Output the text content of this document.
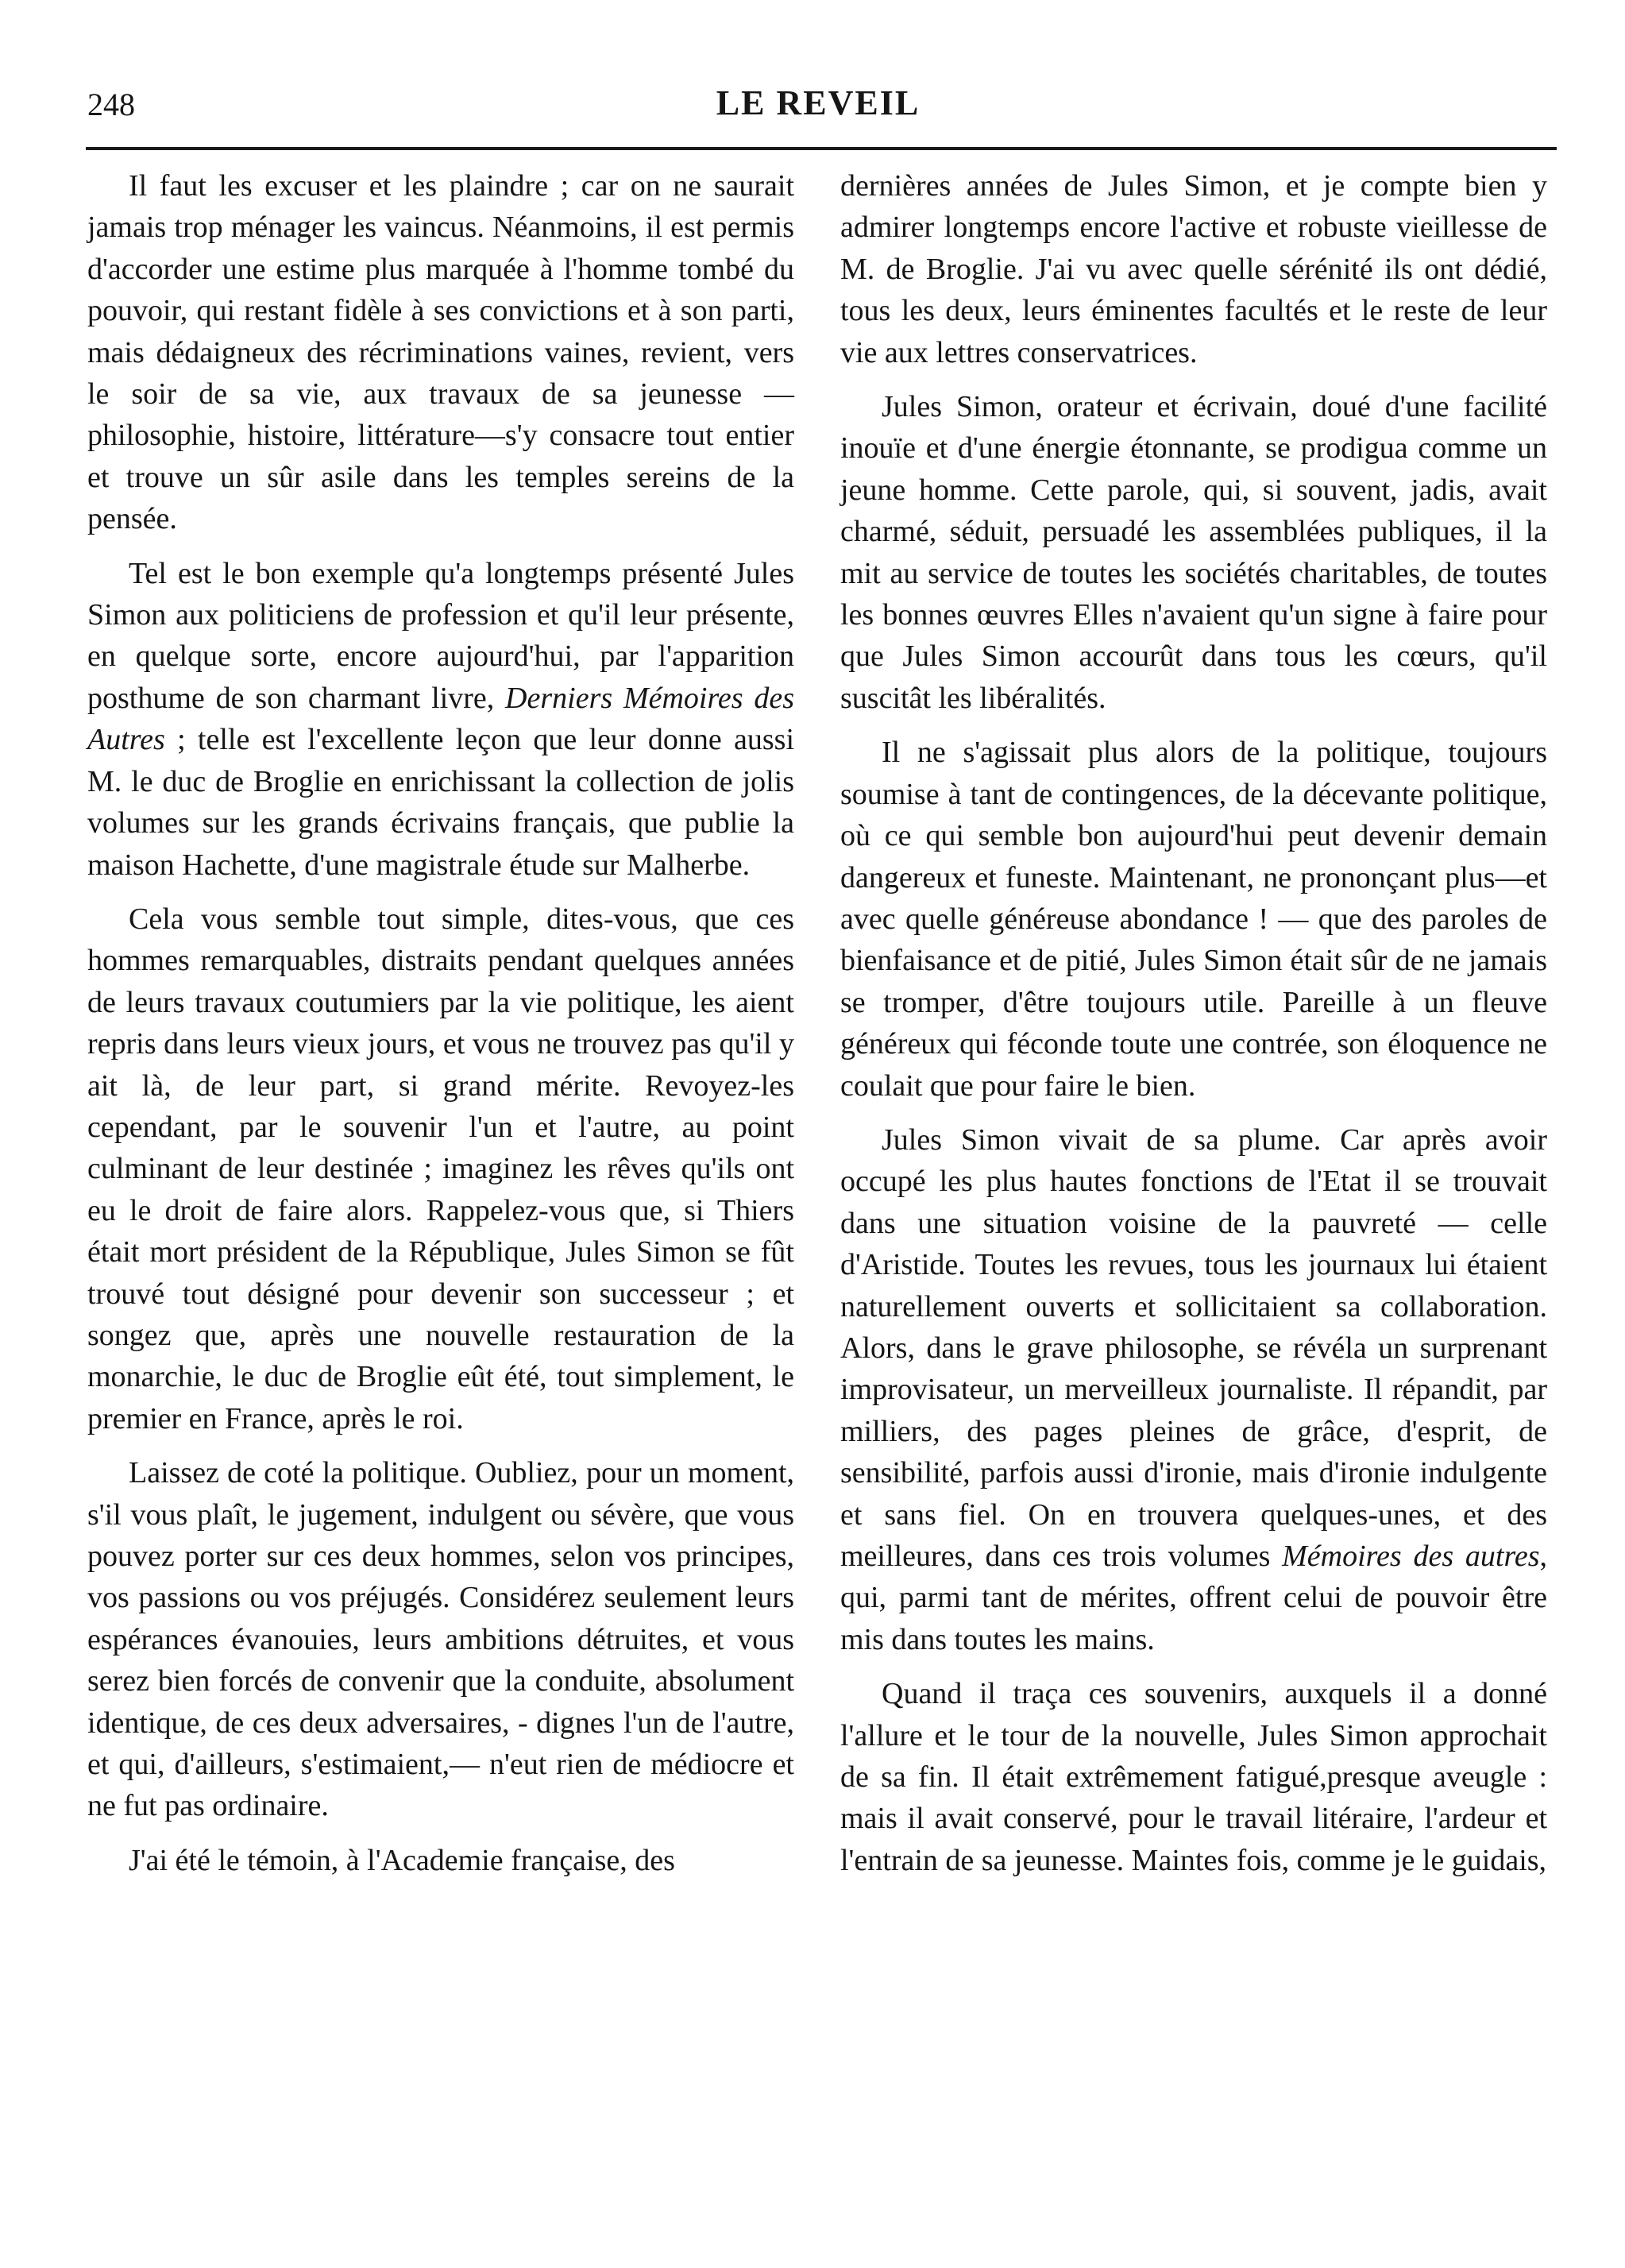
248	LE REVEIL

Il faut les excuser et les plaindre ; car on ne saurait jamais trop ménager les vaincus. Néanmoins, il est permis d'accorder une estime plus marquée à l'homme tombé du pouvoir, qui restant fidèle à ses convictions et à son parti, mais dédaigneux des récriminations vaines, revient, vers le soir de sa vie, aux travaux de sa jeunesse —philosophie, histoire, littérature—s'y consacre tout entier et trouve un sûr asile dans les temples sereins de la pensée.

Tel est le bon exemple qu'a longtemps présenté Jules Simon aux politiciens de profession et qu'il leur présente, en quelque sorte, encore aujourd'hui, par l'apparition posthume de son charmant livre, Derniers Mémoires des Autres ; telle est l'excellente leçon que leur donne aussi M. le duc de Broglie en enrichissant la collection de jolis volumes sur les grands écrivains français, que publie la maison Hachette, d'une magistrale étude sur Malherbe.

Cela vous semble tout simple, dites-vous, que ces hommes remarquables, distraits pendant quelques années de leurs travaux coutumiers par la vie politique, les aient repris dans leurs vieux jours, et vous ne trouvez pas qu'il y ait là, de leur part, si grand mérite. Revoyez-les cependant, par le souvenir l'un et l'autre, au point culminant de leur destinée ; imaginez les rêves qu'ils ont eu le droit de faire alors. Rappelez-vous que, si Thiers était mort président de la République, Jules Simon se fût trouvé tout désigné pour devenir son successeur ; et songez que, après une nouvelle restauration de la monarchie, le duc de Broglie eût été, tout simplement, le premier en France, après le roi.

Laissez de coté la politique. Oubliez, pour un moment, s'il vous plaît, le jugement, indulgent ou sévère, que vous pouvez porter sur ces deux hommes, selon vos principes, vos passions ou vos préjugés. Considérez seulement leurs espérances évanouies, leurs ambitions détruites, et vous serez bien forcés de convenir que la conduite, absolument identique, de ces deux adversaires, - dignes l'un de l'autre, et qui, d'ailleurs, s'estimaient,— n'eut rien de médiocre et ne fut pas ordinaire.

J'ai été le témoin, à l'Academie française, des

dernières années de Jules Simon, et je compte bien y admirer longtemps encore l'active et robuste vieillesse de M. de Broglie. J'ai vu avec quelle sérénité ils ont dédié, tous les deux, leurs éminentes facultés et le reste de leur vie aux lettres conservatrices.

Jules Simon, orateur et écrivain, doué d'une facilité inouïe et d'une énergie étonnante, se prodigua comme un jeune homme. Cette parole, qui, si souvent, jadis, avait charmé, séduit, persuadé les assemblées publiques, il la mit au service de toutes les sociétés charitables, de toutes les bonnes œuvres Elles n'avaient qu'un signe à faire pour que Jules Simon accourût dans tous les cœurs, qu'il suscitât les libéralités.

Il ne s'agissait plus alors de la politique, toujours soumise à tant de contingences, de la décevante politique, où ce qui semble bon aujourd'hui peut devenir demain dangereux et funeste. Maintenant, ne prononçant plus—et avec quelle généreuse abondance ! — que des paroles de bienfaisance et de pitié, Jules Simon était sûr de ne jamais se tromper, d'être toujours utile. Pareille à un fleuve généreux qui féconde toute une contrée, son éloquence ne coulait que pour faire le bien.

Jules Simon vivait de sa plume. Car après avoir occupé les plus hautes fonctions de l'Etat il se trouvait dans une situation voisine de la pauvreté — celle d'Aristide. Toutes les revues, tous les journaux lui étaient naturellement ouverts et sollicitaient sa collaboration. Alors, dans le grave philosophe, se révéla un surprenant improvisateur, un merveilleux journaliste. Il répandit, par milliers, des pages pleines de grâce, d'esprit, de sensibilité, parfois aussi d'ironie, mais d'ironie indulgente et sans fiel. On en trouvera quelques-unes, et des meilleures, dans ces trois volumes Mémoires des autres, qui, parmi tant de mérites, offrent celui de pouvoir être mis dans toutes les mains.

Quand il traça ces souvenirs, auxquels il a donné l'allure et le tour de la nouvelle, Jules Simon approchait de sa fin. Il était extrêmement fatigué,presque aveugle : mais il avait conservé, pour le travail litéraire, l'ardeur et l'entrain de sa jeunesse. Maintes fois, comme je le guidais,
